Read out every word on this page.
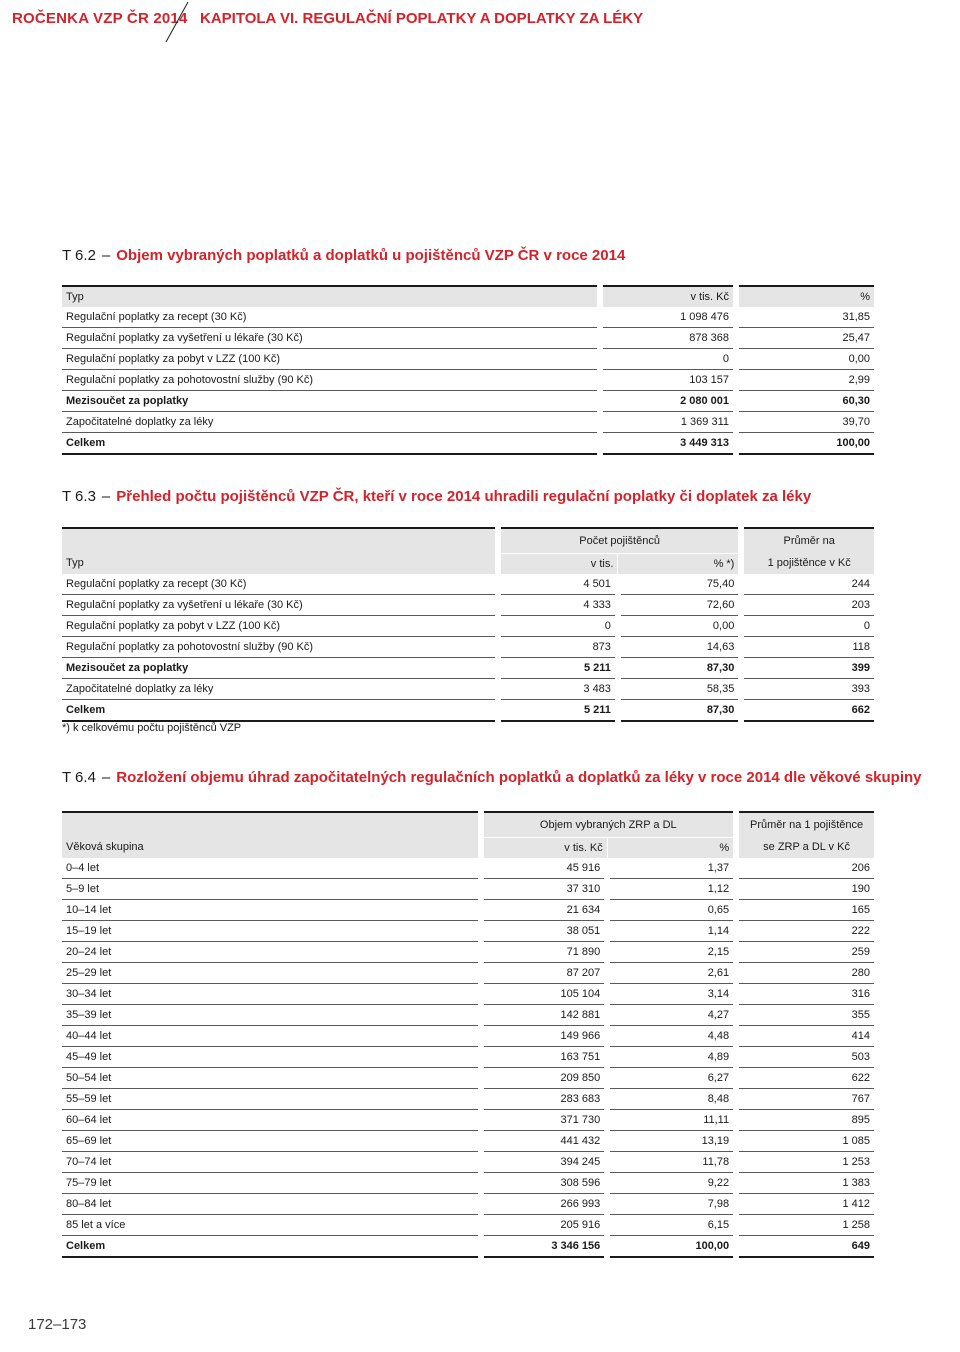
ROČENKA VZP ČR 2014 KAPITOLA VI. REGULAČNÍ POPLATKY A DOPLATKY ZA LÉKY
T 6.2 – Objem vybraných poplatků a doplatků u pojištěnců VZP ČR v roce 2014
Typ	v tis. Kč	%
Regulační poplatky za recept (30 Kč)	1 098 476	31,85
Regulační poplatky za vyšetření u lékaře (30 Kč)	878 368	25,47
Regulační poplatky za pobyt v LZZ (100 Kč)	0	0,00
Regulační poplatky za pohotovostní služby (90 Kč)	103 157	2,99
Mezisoučet za poplatky	2 080 001	60,30
Započitatelné doplatky za léky	1 369 311	39,70
Celkem	3 449 313	100,00
T 6.3 – Přehled počtu pojištěnců VZP ČR, kteří v roce 2014 uhradili regulační poplatky či doplatek za léky
	Počet pojištěnců		Průměr na
Typ	v tis.	% *)	1 pojištěnce v Kč
Regulační poplatky za recept (30 Kč)	4 501	75,40	244
Regulační poplatky za vyšetření u lékaře (30 Kč)	4 333	72,60	203
Regulační poplatky za pobyt v LZZ (100 Kč)	0	0,00	0
Regulační poplatky za pohotovostní služby (90 Kč)	873	14,63	118
Mezisoučet za poplatky	5 211	87,30	399
Započitatelné doplatky za léky	3 483	58,35	393
Celkem	5 211	87,30	662
*) k celkovému počtu pojištěnců VZP
T 6.4 – Rozložení objemu úhrad započitatelných regulačních poplatků a doplatků za léky v roce 2014 dle věkové skupiny
	Objem vybraných ZRP a DL		Průměr na 1 pojištěnce
Věková skupina	v tis. Kč	%	se ZRP a DL v Kč
0–4 let	45 916	1,37	206
5–9 let	37 310	1,12	190
10–14 let	21 634	0,65	165
15–19 let	38 051	1,14	222
20–24 let	71 890	2,15	259
25–29 let	87 207	2,61	280
30–34 let	105 104	3,14	316
35–39 let	142 881	4,27	355
40–44 let	149 966	4,48	414
45–49 let	163 751	4,89	503
50–54 let	209 850	6,27	622
55–59 let	283 683	8,48	767
60–64 let	371 730	11,11	895
65–69 let	441 432	13,19	1 085
70–74 let	394 245	11,78	1 253
75–79 let	308 596	9,22	1 383
80–84 let	266 993	7,98	1 412
85 let a více	205 916	6,15	1 258
Celkem	3 346 156	100,00	649
172–173
